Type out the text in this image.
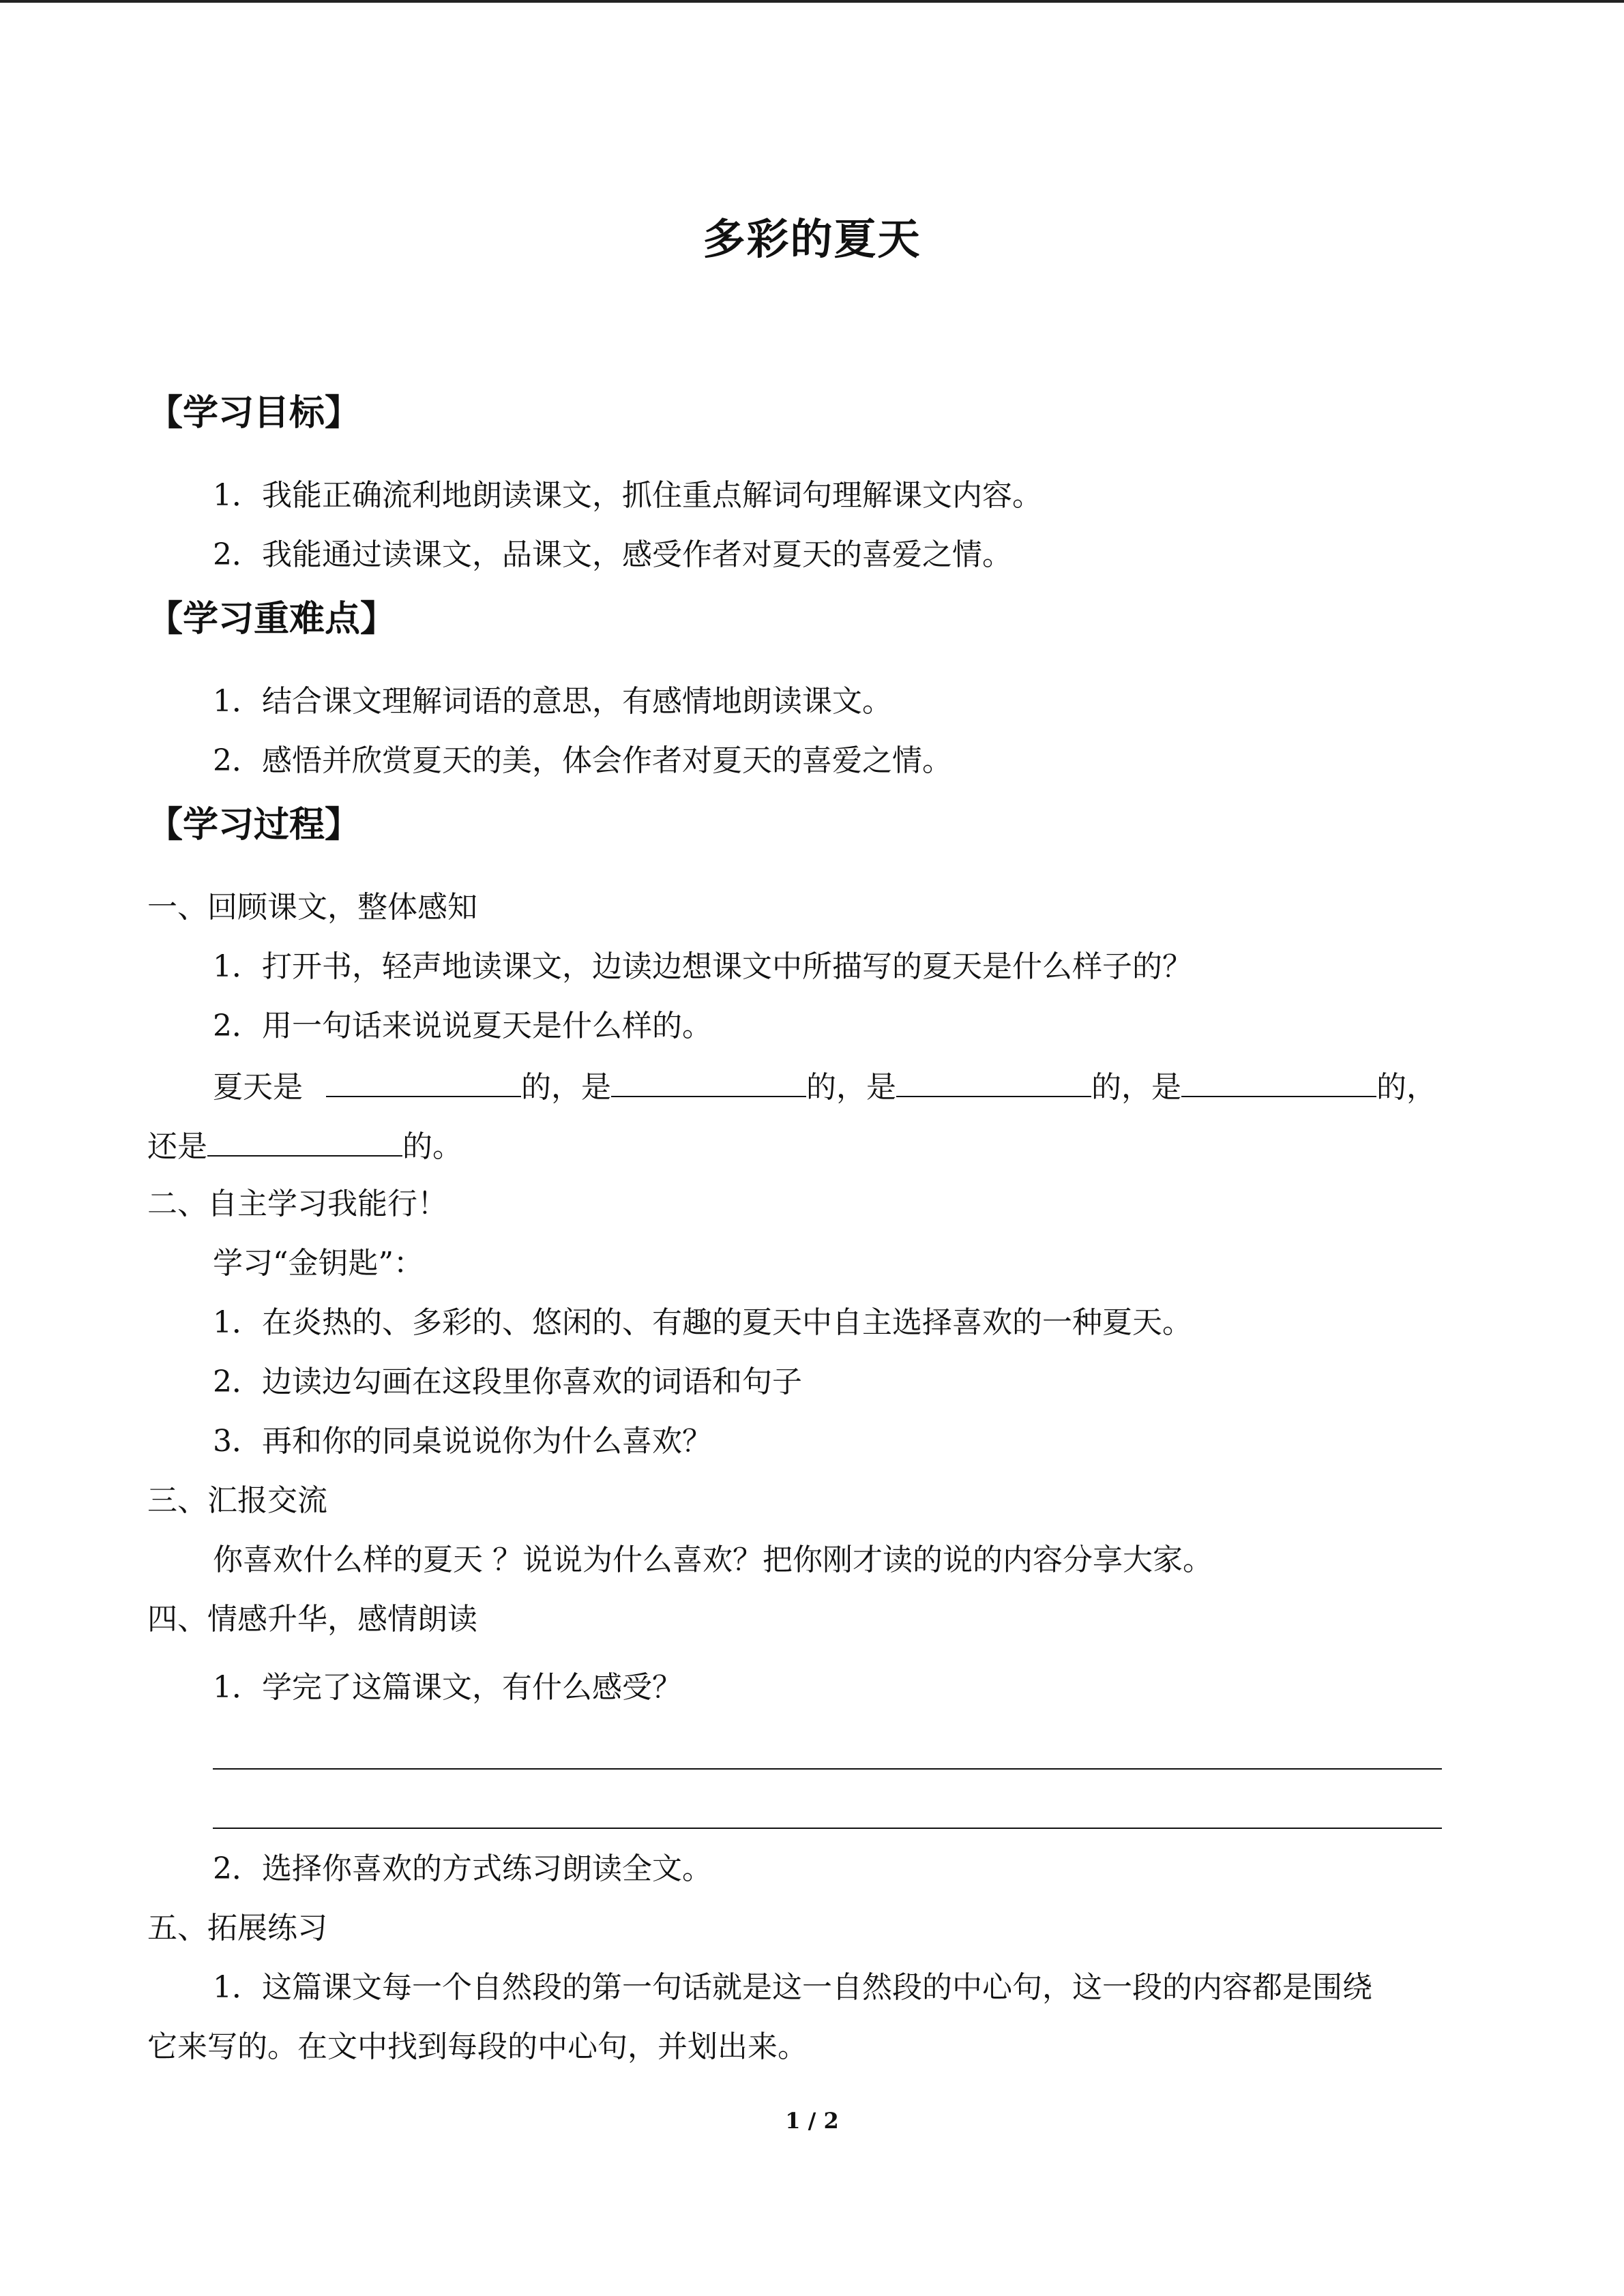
多彩的夏天
【学习目标】
1．我能正确流利地朗读课文，抓住重点解词句理解课文内容。
2．我能通过读课文，品课文，感受作者对夏天的喜爱之情。
【学习重难点】
1．结合课文理解词语的意思，有感情地朗读课文。
2．感悟并欣赏夏天的美，体会作者对夏天的喜爱之情。
【学习过程】
一、回顾课文，整体感知
1．打开书，轻声地读课文，边读边想课文中所描写的夏天是什么样子的？
2．用一句话来说说夏天是什么样的。
夏天是	的，是	的，是	的，是	的，
还是	的。
二、自主学习我能行！
学习“金钥匙”：
1．在炎热的、多彩的、悠闲的、有趣的夏天中自主选择喜欢的一种夏天。
2．边读边勾画在这段里你喜欢的词语和句子
3．再和你的同桌说说你为什么喜欢？
三、汇报交流
你喜欢什么样的夏天 ？说说为什么喜欢？把你刚才读的说的内容分享大家。
四、情感升华，感情朗读
1．学完了这篇课文，有什么感受？
2．选择你喜欢的方式练习朗读全文。
五、拓展练习
1．这篇课文每一个自然段的第一句话就是这一自然段的中心句，这一段的内容都是围绕
它来写的。在文中找到每段的中心句，并划出来。
1 / 2
